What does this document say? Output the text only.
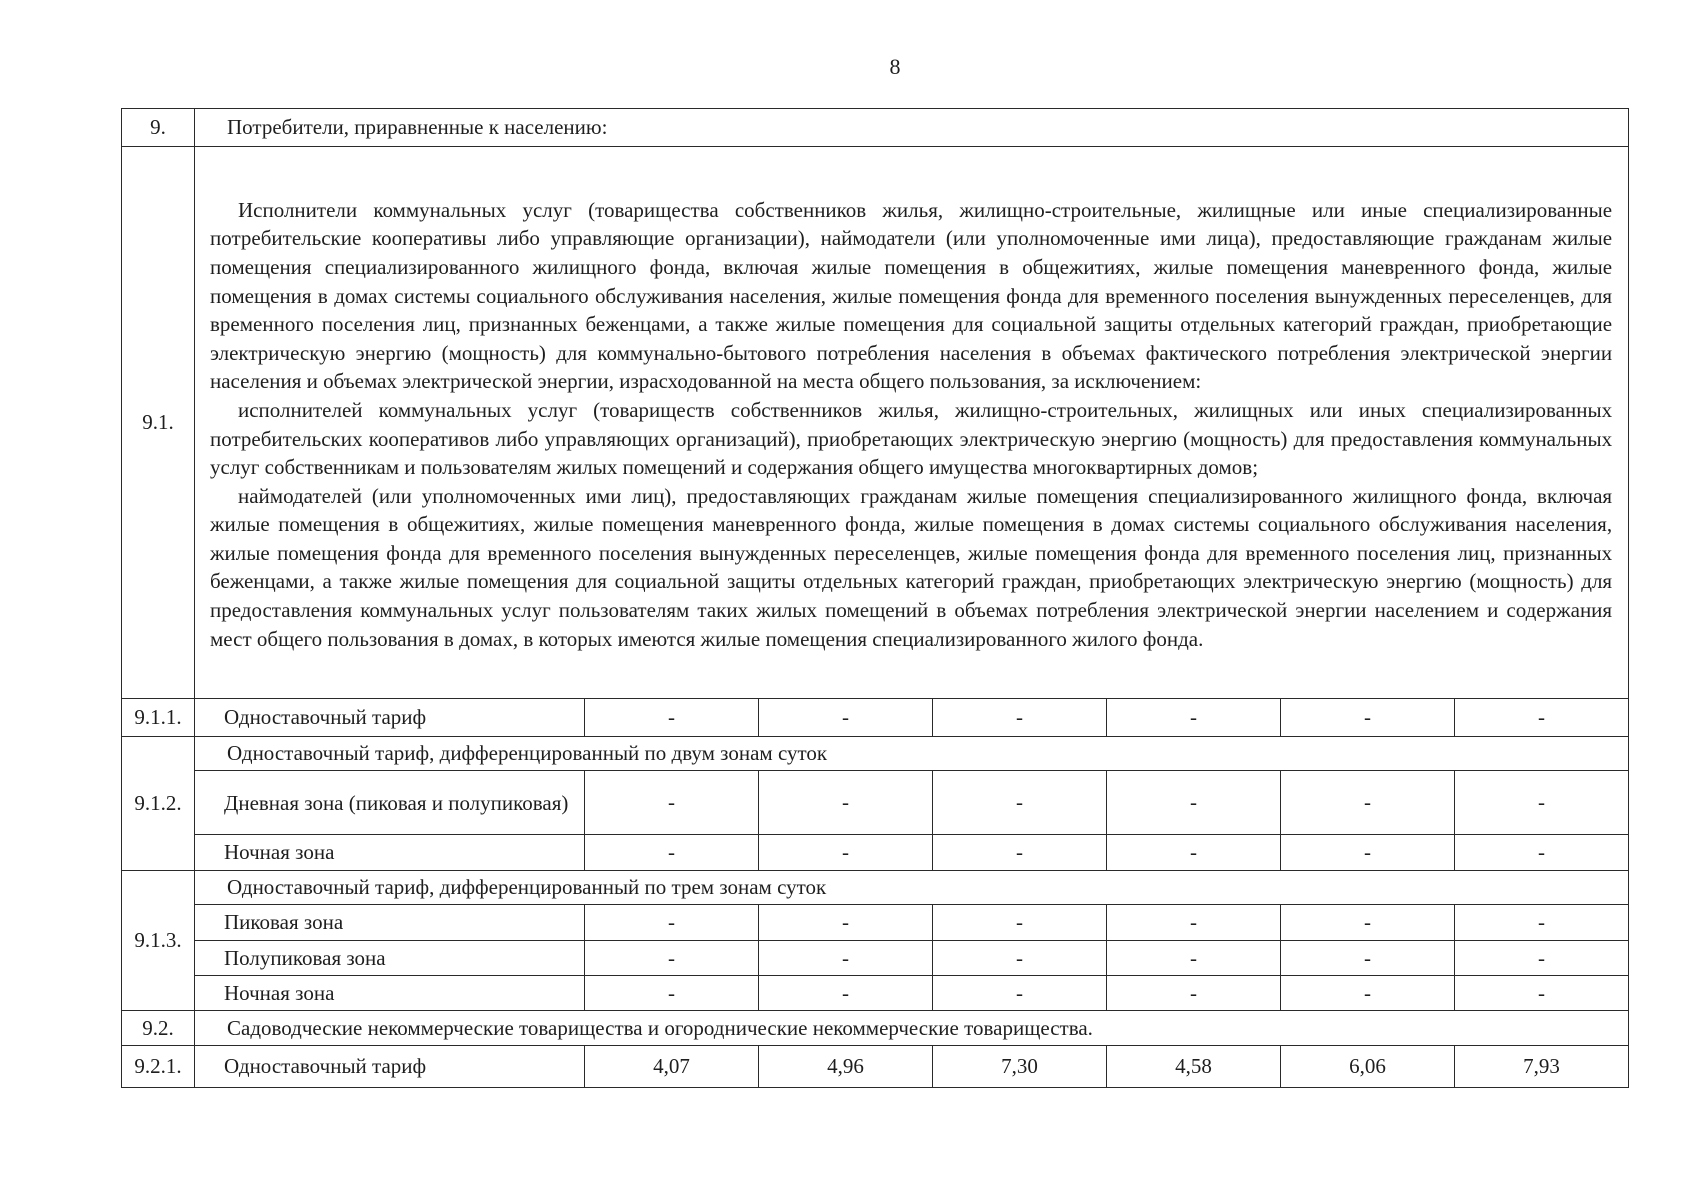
8
9.	Потребители, приравненные к населению:						
9.1.	Исполнители коммунальных услуг (товарищества собственников жилья, жилищно-строительные, жилищные или иные специализированные потребительские кооперативы либо управляющие организации), наймодатели (или уполномоченные ими лица), предоставляющие гражданам жилые помещения специализированного жилищного фонда, включая жилые помещения в общежитиях, жилые помещения маневренного фонда, жилые помещения в домах системы социального обслуживания населения, жилые помещения фонда для временного поселения вынужденных переселенцев, для временного поселения лиц, признанных беженцами, а также жилые помещения для социальной защиты отдельных категорий граждан, приобретающие электрическую энергию (мощность) для коммунально-бытового потребления населения в объемах фактического потребления электрической энергии населения и объемах электрической энергии, израсходованной на места общего пользования, за исключением:

исполнителей коммунальных услуг (товариществ собственников жилья, жилищно-строительных, жилищных или иных специализированных потребительских кооперативов либо управляющих организаций), приобретающих электрическую энергию (мощность) для предоставления коммунальных услуг собственникам и пользователям жилых помещений и содержания общего имущества многоквартирных домов;

наймодателей (или уполномоченных ими лиц), предоставляющих гражданам жилые помещения специализированного жилищного фонда, включая жилые помещения в общежитиях, жилые помещения маневренного фонда, жилые помещения в домах системы социального обслуживания населения, жилые помещения фонда для временного поселения вынужденных переселенцев, жилые помещения фонда для временного поселения лиц, признанных беженцами, а также жилые помещения для социальной защиты отдельных категорий граждан, приобретающих электрическую энергию (мощность) для предоставления коммунальных услуг пользователям таких жилых помещений в объемах потребления электрической энергии населением и содержания мест общего пользования в домах, в которых имеются жилые помещения специализированного жилого фонда.						

9.1.1.	Одноставочный тариф	-	-	-	-	-	-
9.1.2.	Одноставочный тариф, дифференцированный по двум зонам суток						
	Дневная зона (пиковая и полупиковая)	-	-	-	-	-	-
	Ночная зона	-	-	-	-	-	-
9.1.3.	Одноставочный тариф, дифференцированный по трем зонам суток						
	Пиковая зона	-	-	-	-	-	-
	Полупиковая зона	-	-	-	-	-	-
	Ночная зона	-	-	-	-	-	-
9.2.	Садоводческие некоммерческие товарищества и огороднические некоммерческие товарищества.						
9.2.1.	Одноставочный тариф	4,07	4,96	7,30	4,58	6,06	7,93
